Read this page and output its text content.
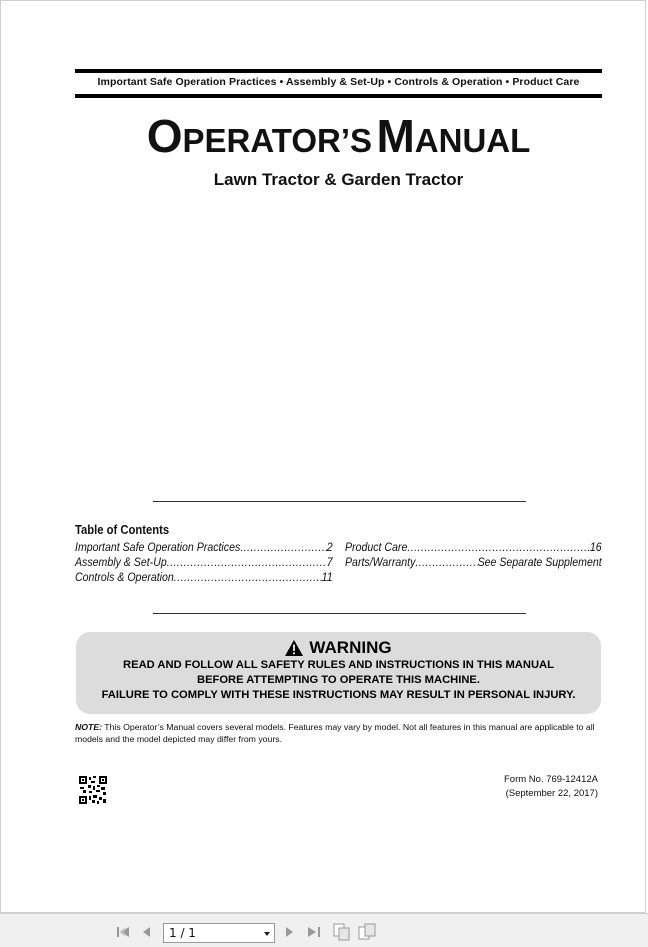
Important Safe Operation Practices • Assembly & Set-Up • Controls & Operation • Product Care
OPERATOR’S MANUAL
Lawn Tractor & Garden Tractor
Table of Contents
Important Safe Operation Practices .....	2
Assembly & Set-Up .....	7
Controls & Operation .....	11
Product Care .....	16
Parts/Warranty .....	See Separate Supplement
WARNING
READ AND FOLLOW ALL SAFETY RULES AND INSTRUCTIONS IN THIS MANUAL
BEFORE ATTEMPTING TO OPERATE THIS MACHINE.
FAILURE TO COMPLY WITH THESE INSTRUCTIONS MAY RESULT IN PERSONAL INJURY.
NOTE: This Operator’s Manual covers several models. Features may vary by model. Not all features in this manual are applicable to all models and the model depicted may differ from yours.
Form No. 769-12412A
(September 22, 2017)
1 / 1
